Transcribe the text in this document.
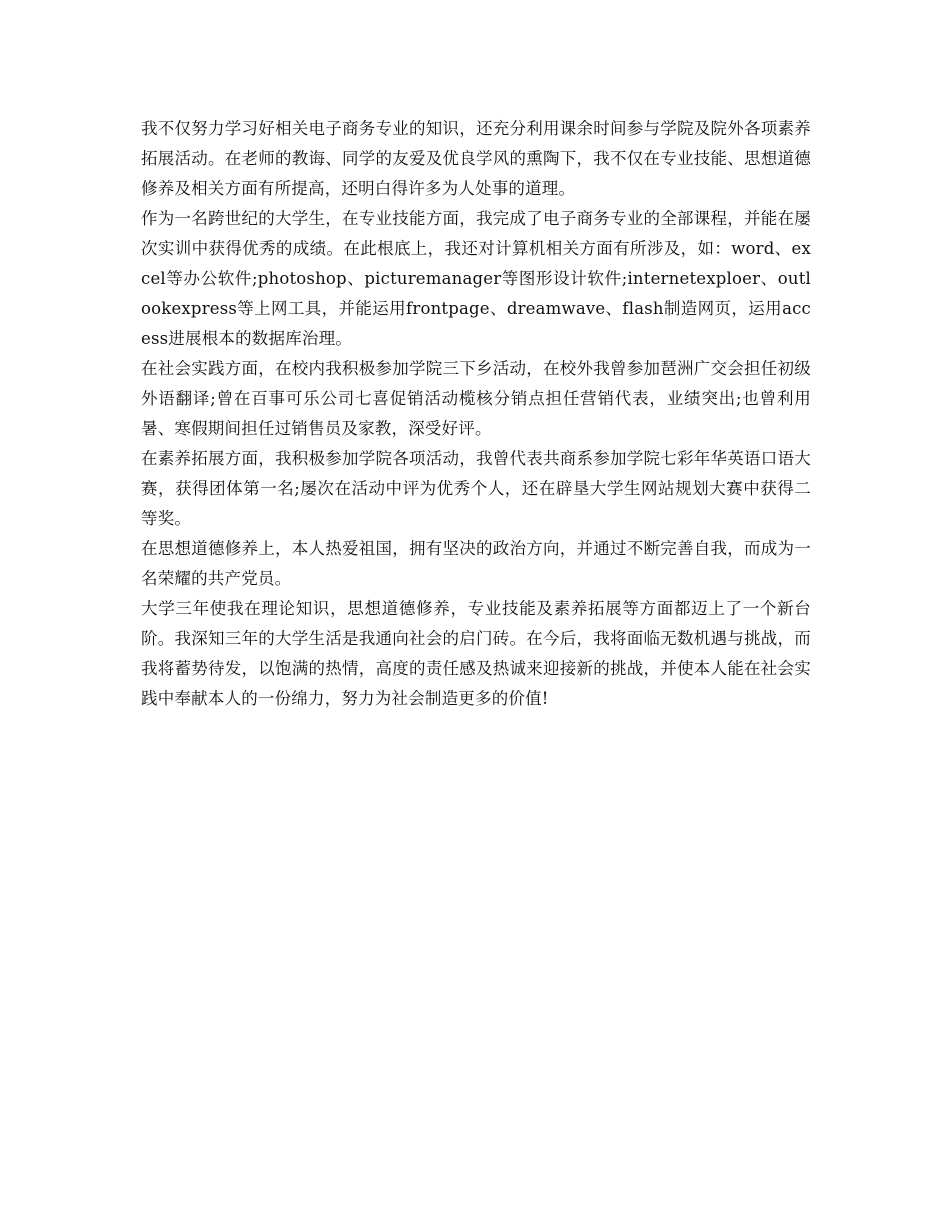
我不仅努力学习好相关电子商务专业的知识，还充分利用课余时间参与学院及院外各项素养拓展活动。在老师的教诲、同学的友爱及优良学风的熏陶下，我不仅在专业技能、思想道德修养及相关方面有所提高，还明白得许多为人处事的道理。

作为一名跨世纪的大学生，在专业技能方面，我完成了电子商务专业的全部课程，并能在屡次实训中获得优秀的成绩。在此根底上，我还对计算机相关方面有所涉及，如：word、excel等办公软件;photoshop、picturemanager等图形设计软件;internetexploer、outlookexpress等上网工具，并能运用frontpage、dreamwave、flash制造网页，运用access进展根本的数据库治理。

在社会实践方面，在校内我积极参加学院三下乡活动，在校外我曾参加琶洲广交会担任初级外语翻译;曾在百事可乐公司七喜促销活动榄核分销点担任营销代表，业绩突出;也曾利用暑、寒假期间担任过销售员及家教，深受好评。

在素养拓展方面，我积极参加学院各项活动，我曾代表共商系参加学院七彩年华英语口语大赛，获得团体第一名;屡次在活动中评为优秀个人，还在辟垦大学生网站规划大赛中获得二等奖。

在思想道德修养上，本人热爱祖国，拥有坚决的政治方向，并通过不断完善自我，而成为一名荣耀的共产党员。

大学三年使我在理论知识，思想道德修养，专业技能及素养拓展等方面都迈上了一个新台阶。我深知三年的大学生活是我通向社会的启门砖。在今后，我将面临无数机遇与挑战，而我将蓄势待发，以饱满的热情，高度的责任感及热诚来迎接新的挑战，并使本人能在社会实践中奉献本人的一份绵力，努力为社会制造更多的价值!
